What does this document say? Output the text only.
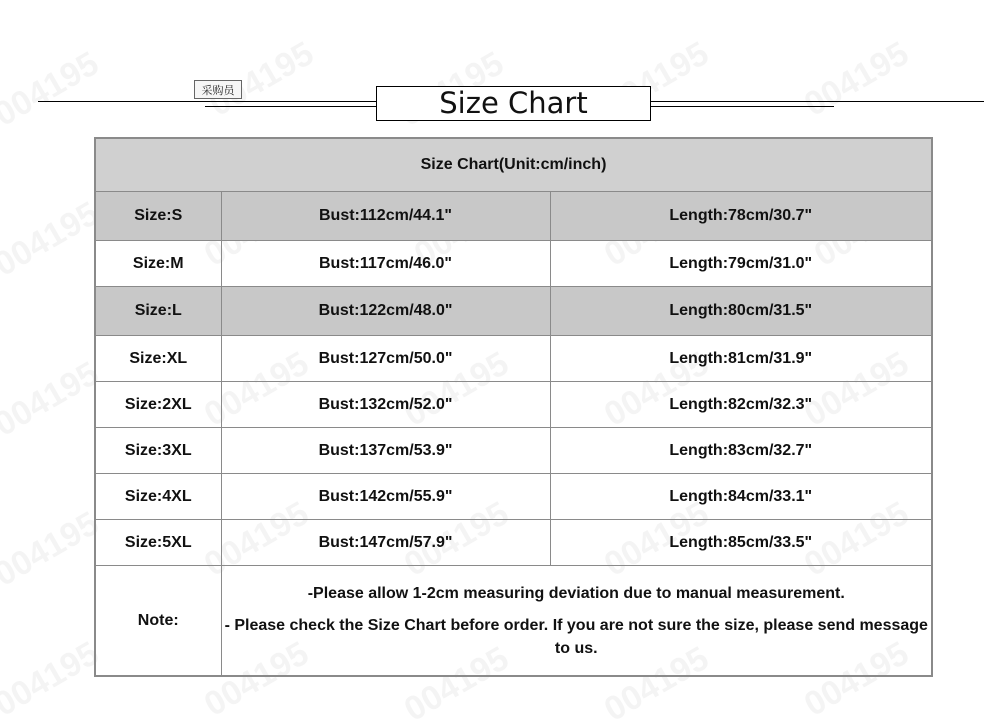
采购员	Size Chart
Size Chart(Unit:cm/inch)		
Size:S	Bust:112cm/44.1"	Length:78cm/30.7"
Size:M	Bust:117cm/46.0"	Length:79cm/31.0"
Size:L	Bust:122cm/48.0"	Length:80cm/31.5"
Size:XL	Bust:127cm/50.0"	Length:81cm/31.9"
Size:2XL	Bust:132cm/52.0"	Length:82cm/32.3"
Size:3XL	Bust:137cm/53.9"	Length:83cm/32.7"
Size:4XL	Bust:142cm/55.9"	Length:84cm/33.1"
Size:5XL	Bust:147cm/57.9"	Length:85cm/33.5"
Note:	-Please allow 1-2cm measuring deviation due to manual measurement.

- Please check the Size Chart before order. If you are not sure the size, please send message to us.	
